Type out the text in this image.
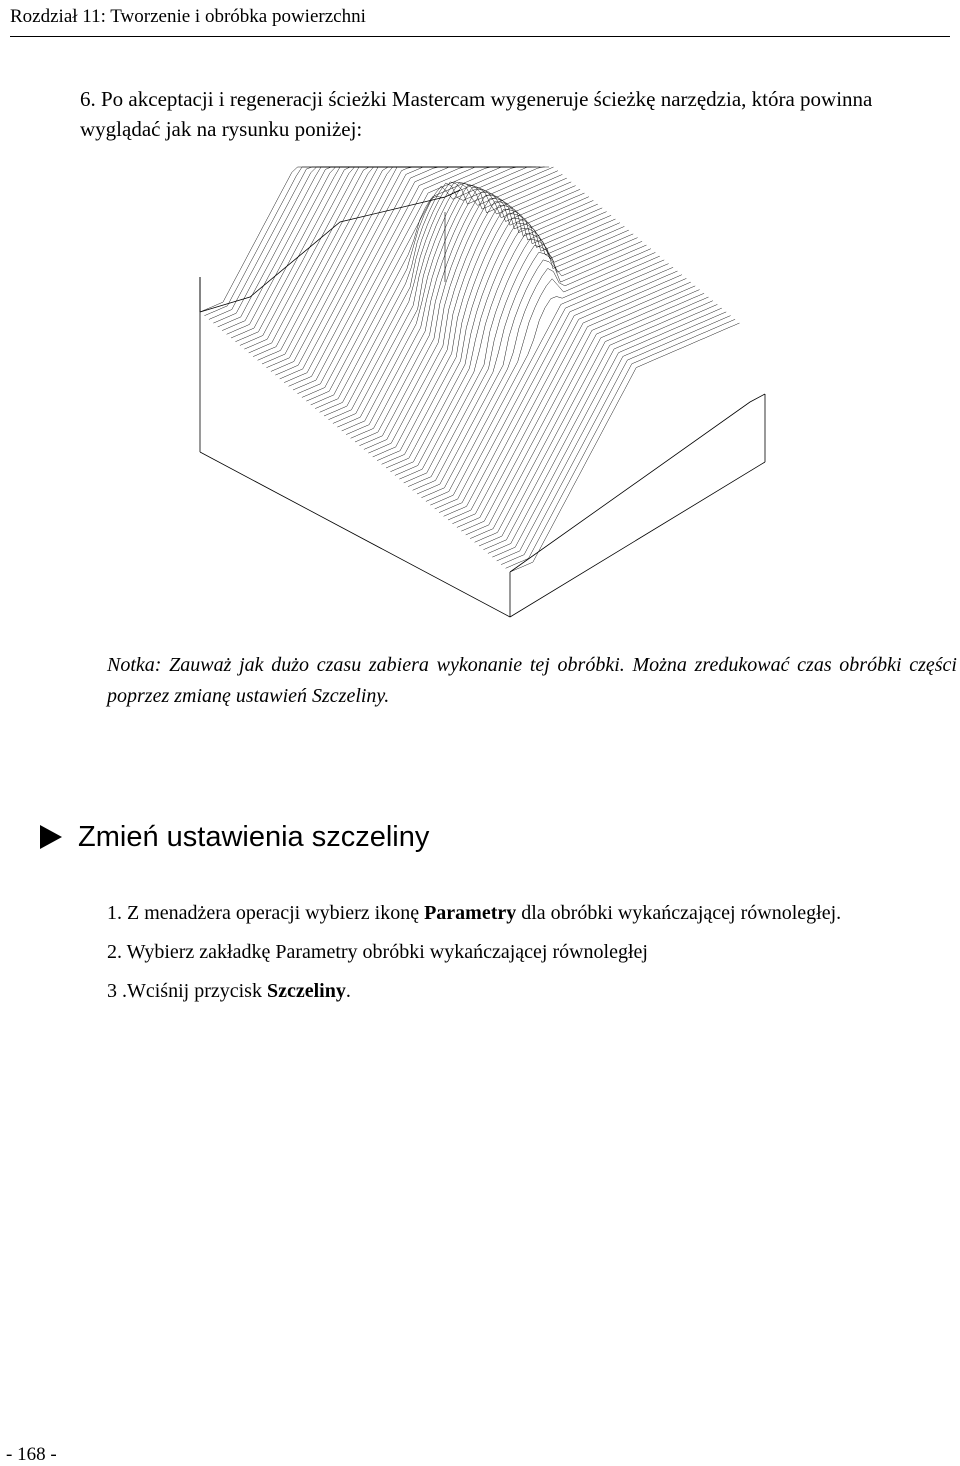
Rozdział 11: Tworzenie i obróbka powierzchni

6. Po akceptacji i regeneracji ścieżki Mastercam wygeneruje ścieżkę narzędzia, która powinna wyglądać jak na rysunku poniżej:

Notka: Zauważ jak dużo czasu zabiera wykonanie tej obróbki. Można zredukować czas obróbki części poprzez zmianę ustawień Szczeliny.

Zmień ustawienia szczeliny
1. Z menadżera operacji wybierz ikonę Parametry dla obróbki wykańczającej równoległej.
2. Wybierz zakładkę Parametry obróbki wykańczającej równoległej
3 .Wciśnij przycisk Szczeliny.
- 168 -
